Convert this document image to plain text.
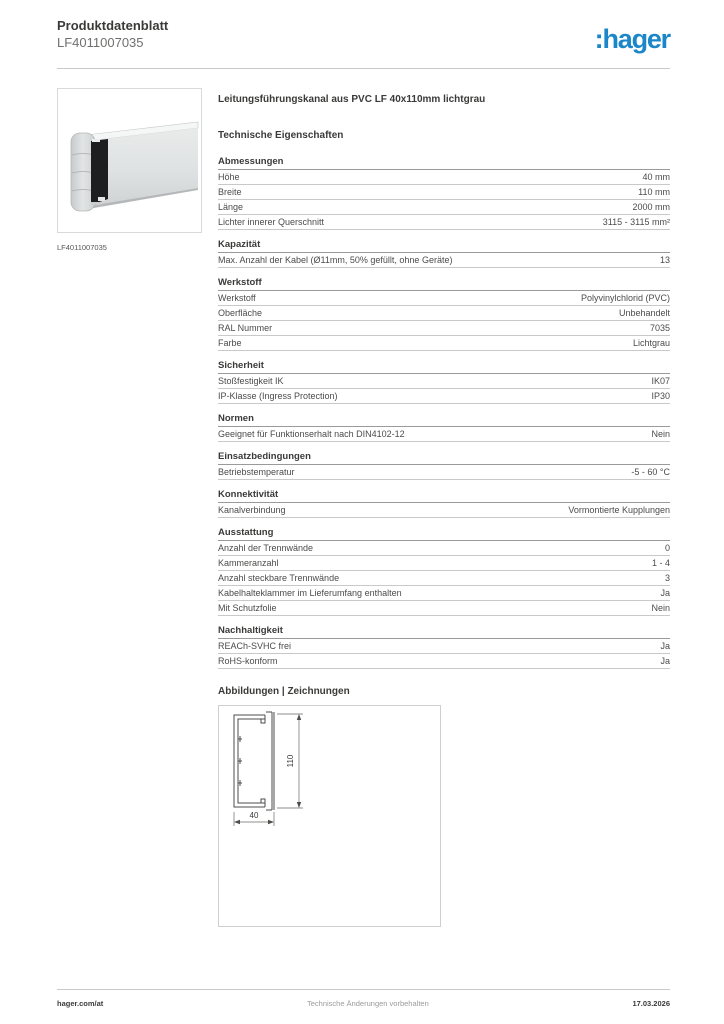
Produktdatenblatt
LF4011007035	:hager
LF4011007035
Leitungsführungskanal aus PVC LF 40x110mm lichtgrau
Technische Eigenschaften
Abmessungen
Höhe	40 mm
Breite	110 mm
Länge	2000 mm
Lichter innerer Querschnitt	3115 - 3115 mm²
Kapazität
Max. Anzahl der Kabel (Ø11mm, 50% gefüllt, ohne Geräte)	13
Werkstoff
Werkstoff	Polyvinylchlorid (PVC)
Oberfläche	Unbehandelt
RAL Nummer	7035
Farbe	Lichtgrau
Sicherheit
Stoßfestigkeit IK	IK07
IP-Klasse (Ingress Protection)	IP30
Normen
Geeignet für Funktionserhalt nach DIN4102-12	Nein
Einsatzbedingungen
Betriebstemperatur	-5 - 60 °C
Konnektivität
Kanalverbindung	Vormontierte Kupplungen
Ausstattung
Anzahl der Trennwände	0
Kammeranzahl	1 - 4
Anzahl steckbare Trennwände	3
Kabelhalteklammer im Lieferumfang enthalten	Ja
Mit Schutzfolie	Nein
Nachhaltigkeit
REACh-SVHC frei	Ja
RoHS-konform	Ja
Abbildungen | Zeichnungen
110
40
hager.com/at	Technische Änderungen vorbehalten	17.03.2026
